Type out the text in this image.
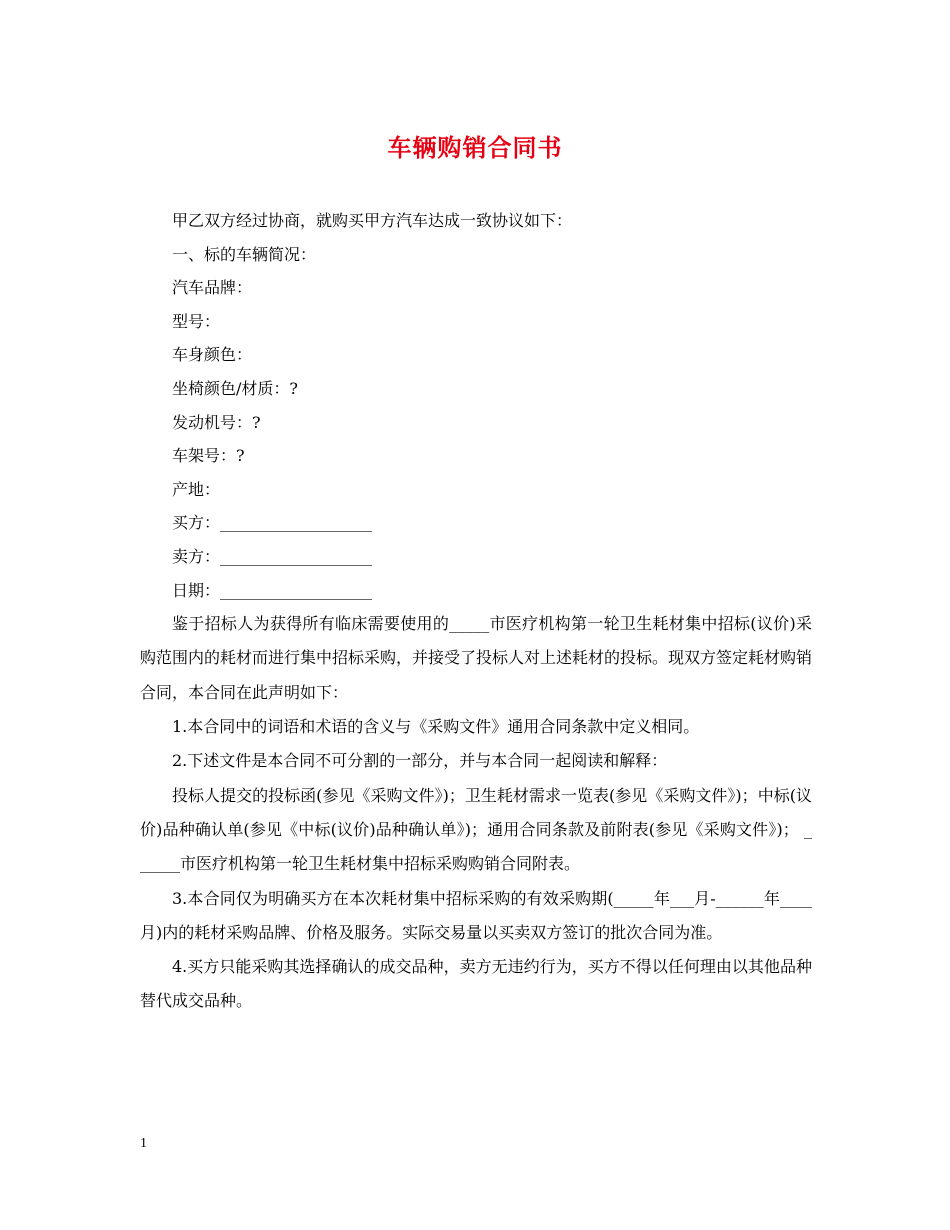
车辆购销合同书
甲乙双方经过协商，就购买甲方汽车达成一致协议如下：
一、标的车辆简况：
汽车品牌：
型号：
车身颜色：
坐椅颜色/材质：?
发动机号：?
车架号：?
产地：
买方：___________________
卖方：___________________
日期：___________________

鉴于招标人为获得所有临床需要使用的_____市医疗机构第一轮卫生耗材集中招标(议价)采购范围内的耗材而进行集中招标采购，并接受了投标人对上述耗材的投标。现双方签定耗材购销合同，本合同在此声明如下：

1.本合同中的词语和术语的含义与《采购文件》通用合同条款中定义相同。

2.下述文件是本合同不可分割的一部分，并与本合同一起阅读和解释：

投标人提交的投标函(参见《采购文件》)；卫生耗材需求一览表(参见《采购文件》)；中标(议价)品种确认单(参见《中标(议价)品种确认单》)；通用合同条款及前附表(参见《采购文件》)； ______市医疗机构第一轮卫生耗材集中招标采购购销合同附表。

3.本合同仅为明确买方在本次耗材集中招标采购的有效采购期(_____年___月-______年____月)内的耗材采购品牌、价格及服务。实际交易量以买卖双方签订的批次合同为准。

4.买方只能采购其选择确认的成交品种，卖方无违约行为，买方不得以任何理由以其他品种替代成交品种。

1
